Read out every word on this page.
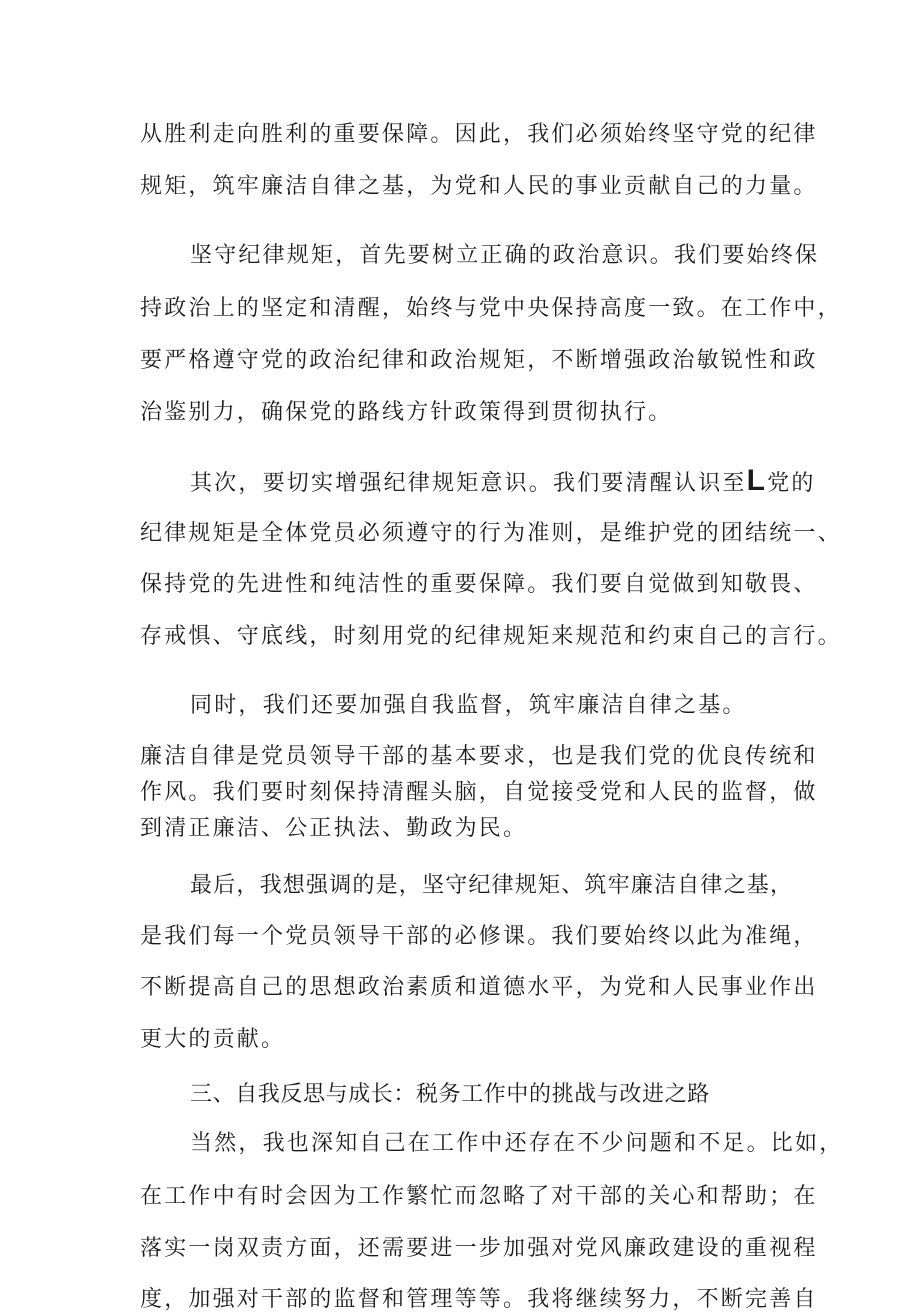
从胜利走向胜利的重要保障。因此，我们必须始终坚守党的纪律
规矩，筑牢廉洁自律之基，为党和人民的事业贡献自己的力量。
坚守纪律规矩，首先要树立正确的政治意识。我们要始终保
持政治上的坚定和清醒，始终与党中央保持高度一致。在工作中，
要严格遵守党的政治纪律和政治规矩，不断增强政治敏锐性和政
治鉴别力，确保党的路线方针政策得到贯彻执行。
其次，要切实增强纪律规矩意识。我们要清醒认识至L党的
纪律规矩是全体党员必须遵守的行为准则，是维护党的团结统一、
保持党的先进性和纯洁性的重要保障。我们要自觉做到知敬畏、
存戒惧、守底线，时刻用党的纪律规矩来规范和约束自己的言行。
同时，我们还要加强自我监督，筑牢廉洁自律之基。
廉洁自律是党员领导干部的基本要求，也是我们党的优良传统和
作风。我们要时刻保持清醒头脑，自觉接受党和人民的监督，做
到清正廉洁、公正执法、勤政为民。
最后，我想强调的是，坚守纪律规矩、筑牢廉洁自律之基，
是我们每一个党员领导干部的必修课。我们要始终以此为准绳，
不断提高自己的思想政治素质和道德水平，为党和人民事业作出
更大的贡献。
三、自我反思与成长：税务工作中的挑战与改进之路
当然，我也深知自己在工作中还存在不少问题和不足。比如，
在工作中有时会因为工作繁忙而忽略了对干部的关心和帮助；在
落实一岗双责方面，还需要进一步加强对党风廉政建设的重视程
度，加强对干部的监督和管理等等。我将继续努力，不断完善自
